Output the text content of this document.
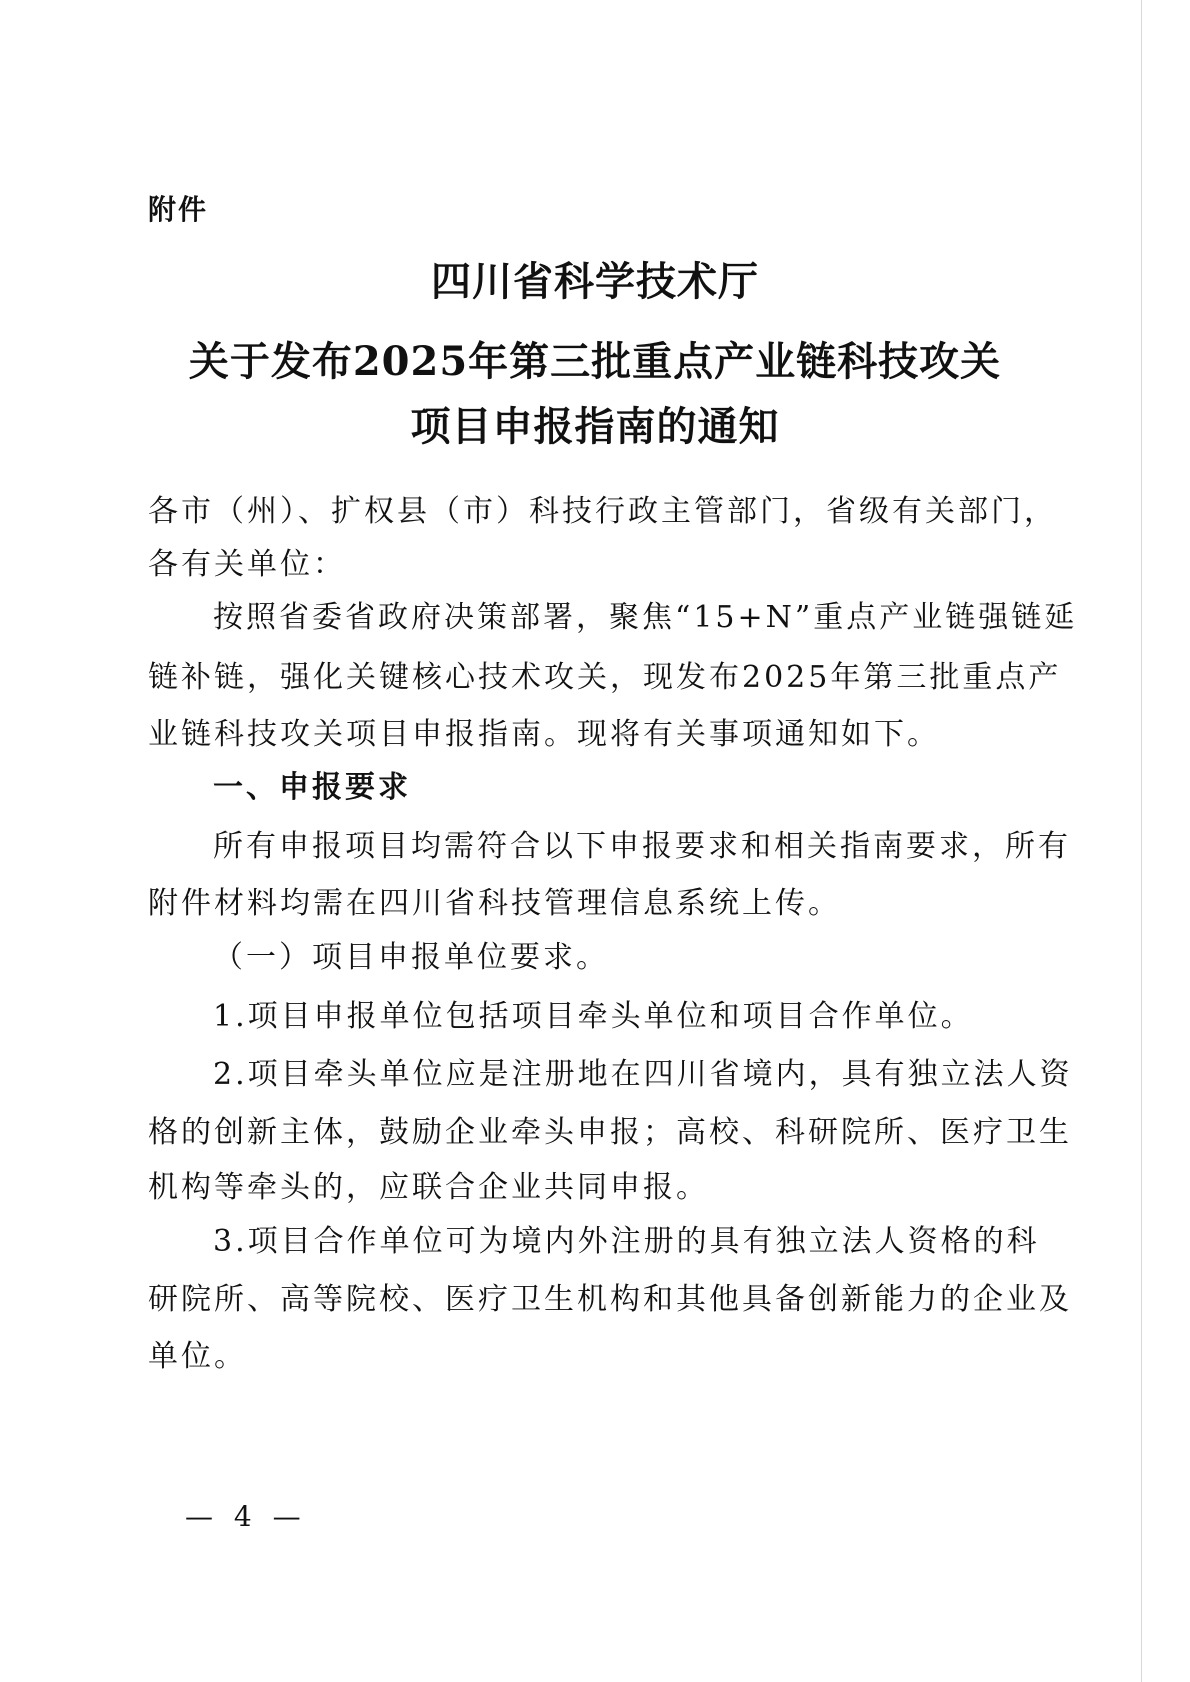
附件
四川省科学技术厅
关于发布2025年第三批重点产业链科技攻关
项目申报指南的通知
各市（州）、扩权县（市）科技行政主管部门，省级有关部门，
各有关单位：
按照省委省政府决策部署，聚焦“15+N”重点产业链强链延
链补链，强化关键核心技术攻关，现发布2025年第三批重点产
业链科技攻关项目申报指南。现将有关事项通知如下。
一、申报要求
所有申报项目均需符合以下申报要求和相关指南要求，所有
附件材料均需在四川省科技管理信息系统上传。
（一）项目申报单位要求。
1.项目申报单位包括项目牵头单位和项目合作单位。
2.项目牵头单位应是注册地在四川省境内，具有独立法人资
格的创新主体，鼓励企业牵头申报；高校、科研院所、医疗卫生
机构等牵头的，应联合企业共同申报。
3.项目合作单位可为境内外注册的具有独立法人资格的科
研院所、高等院校、医疗卫生机构和其他具备创新能力的企业及
单位。
— 4 —
